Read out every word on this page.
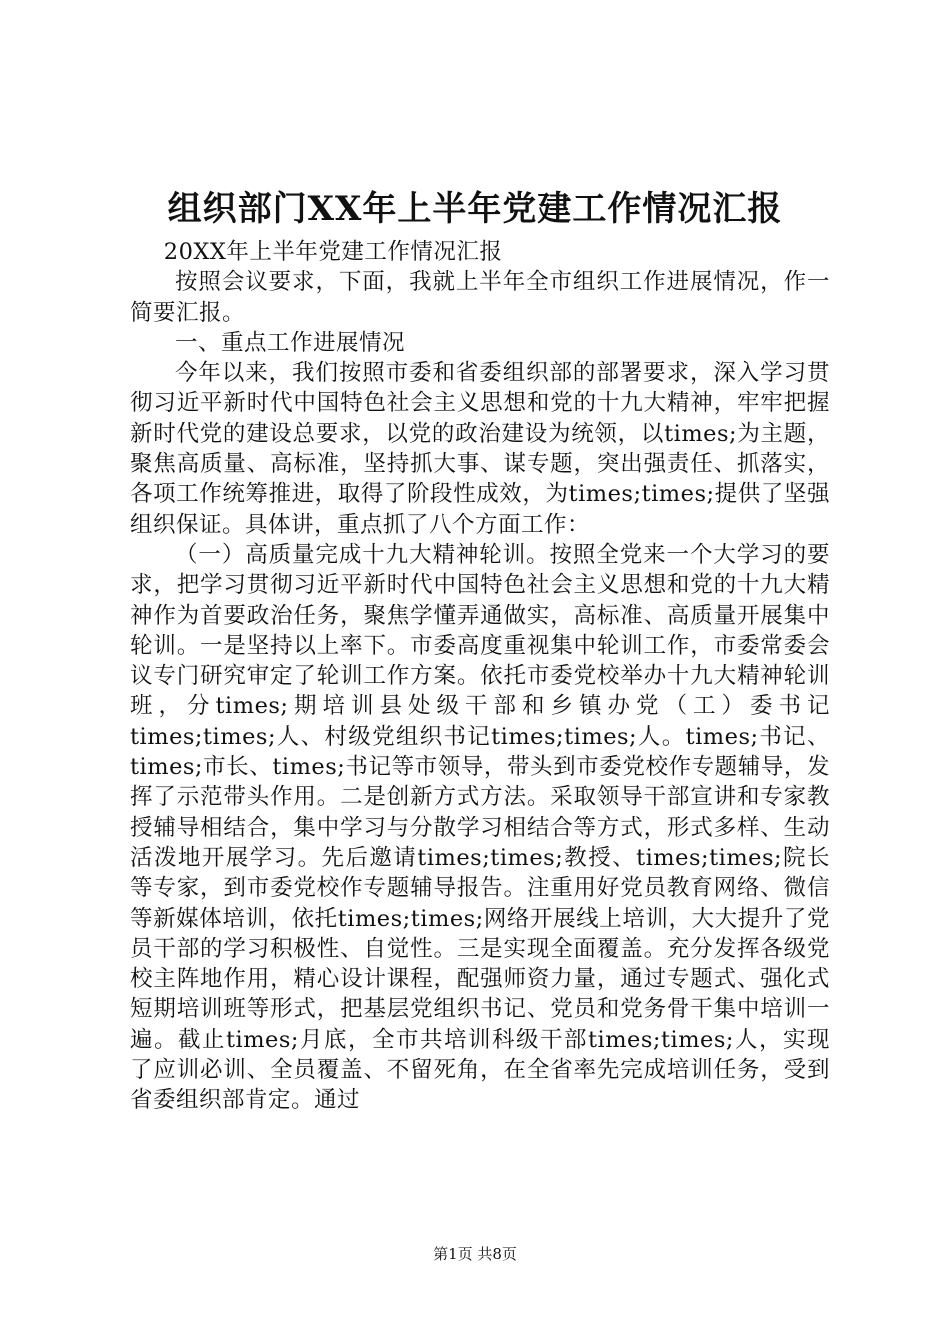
组织部门XX年上半年党建工作情况汇报

20XX年上半年党建工作情况汇报

按照会议要求，下面，我就上半年全市组织工作进展情况，作一简要汇报。

一、重点工作进展情况

今年以来，我们按照市委和省委组织部的部署要求，深入学习贯彻习近平新时代中国特色社会主义思想和党的十九大精神，牢牢把握新时代党的建设总要求，以党的政治建设为统领，以times;为主题，聚焦高质量、高标准，坚持抓大事、谋专题，突出强责任、抓落实，各项工作统筹推进，取得了阶段性成效，为times;times;提供了坚强组织保证。具体讲，重点抓了八个方面工作：

（一）高质量完成十九大精神轮训。按照全党来一个大学习的要求，把学习贯彻习近平新时代中国特色社会主义思想和党的十九大精神作为首要政治任务，聚焦学懂弄通做实，高标准、高质量开展集中轮训。一是坚持以上率下。市委高度重视集中轮训工作，市委常委会议专门研究审定了轮训工作方案。依托市委党校举办十九大精神轮训班，分times;期培训县处级干部和乡镇办党（工）委书记times;times;人、村级党组织书记times;times;人。times;书记、times;市长、times;书记等市领导，带头到市委党校作专题辅导，发挥了示范带头作用。二是创新方式方法。采取领导干部宣讲和专家教授辅导相结合，集中学习与分散学习相结合等方式，形式多样、生动活泼地开展学习。先后邀请times;times;教授、times;times;院长等专家，到市委党校作专题辅导报告。注重用好党员教育网络、微信等新媒体培训，依托times;times;网络开展线上培训，大大提升了党员干部的学习积极性、自觉性。三是实现全面覆盖。充分发挥各级党校主阵地作用，精心设计课程，配强师资力量，通过专题式、强化式短期培训班等形式，把基层党组织书记、党员和党务骨干集中培训一遍。截止times;月底，全市共培训科级干部times;times;人，实现了应训必训、全员覆盖、不留死角，在全省率先完成培训任务，受到省委组织部肯定。通过

第1页 共8页
